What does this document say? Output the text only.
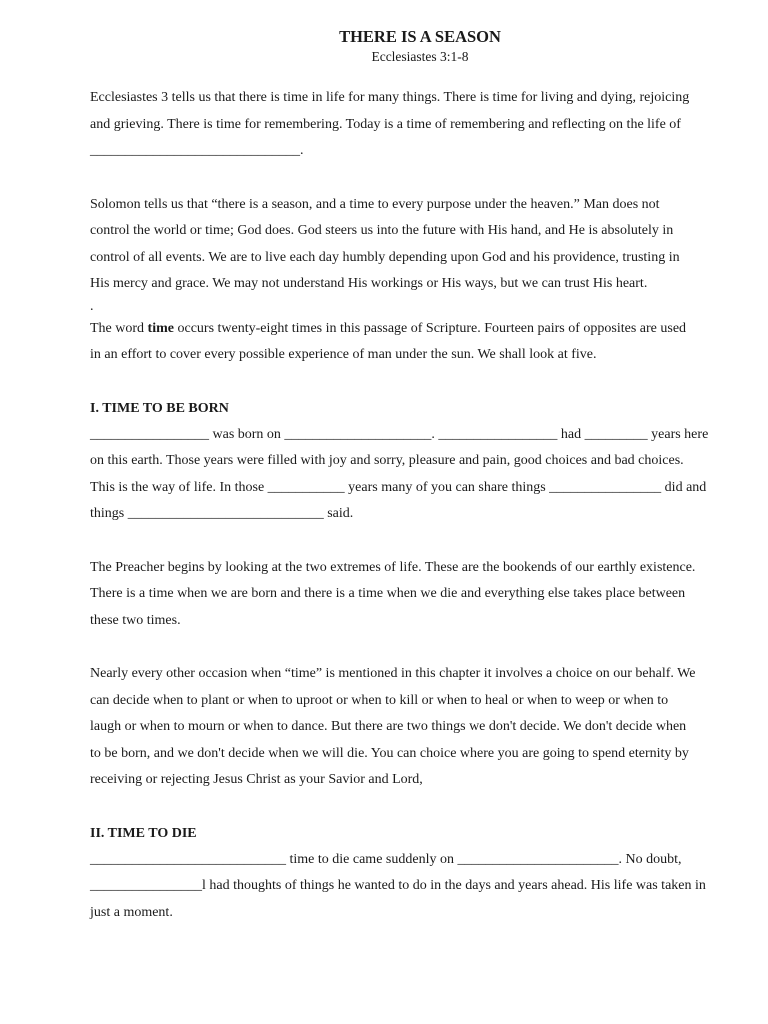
THERE IS A SEASON

Ecclesiastes 3:1-8

Ecclesiastes 3 tells us that there is time in life for many things. There is time for living and dying, rejoicing

and grieving. There is time for remembering. Today is a time of remembering and reflecting on the life of

______________________________.

Solomon tells us that “there is a season, and a time to every purpose under the heaven.” Man does not

control the world or time; God does. God steers us into the future with His hand, and He is absolutely in

control of all events. We are to live each day humbly depending upon God and his providence, trusting in

His mercy and grace. We may not understand His workings or His ways, but we can trust His heart.

.

The word time occurs twenty-eight times in this passage of Scripture. Fourteen pairs of opposites are used

in an effort to cover every possible experience of man under the sun. We shall look at five.

I. TIME TO BE BORN

_________________ was born on _____________________. _________________ had _________ years here

on this earth. Those years were filled with joy and sorry, pleasure and pain, good choices and bad choices.

This is the way of life. In those ___________ years many of you can share things ________________ did and

things ____________________________ said.

The Preacher begins by looking at the two extremes of life. These are the bookends of our earthly existence.

There is a time when we are born and there is a time when we die and everything else takes place between

these two times.

Nearly every other occasion when “time” is mentioned in this chapter it involves a choice on our behalf. We

can decide when to plant or when to uproot or when to kill or when to heal or when to weep or when to

laugh or when to mourn or when to dance. But there are two things we don't decide. We don't decide when

to be born, and we don't decide when we will die. You can choice where you are going to spend eternity by

receiving or rejecting Jesus Christ as your Savior and Lord,

II. TIME TO DIE

____________________________ time to die came suddenly on _______________________. No doubt,

________________l had thoughts of things he wanted to do in the days and years ahead. His life was taken in

just a moment.
